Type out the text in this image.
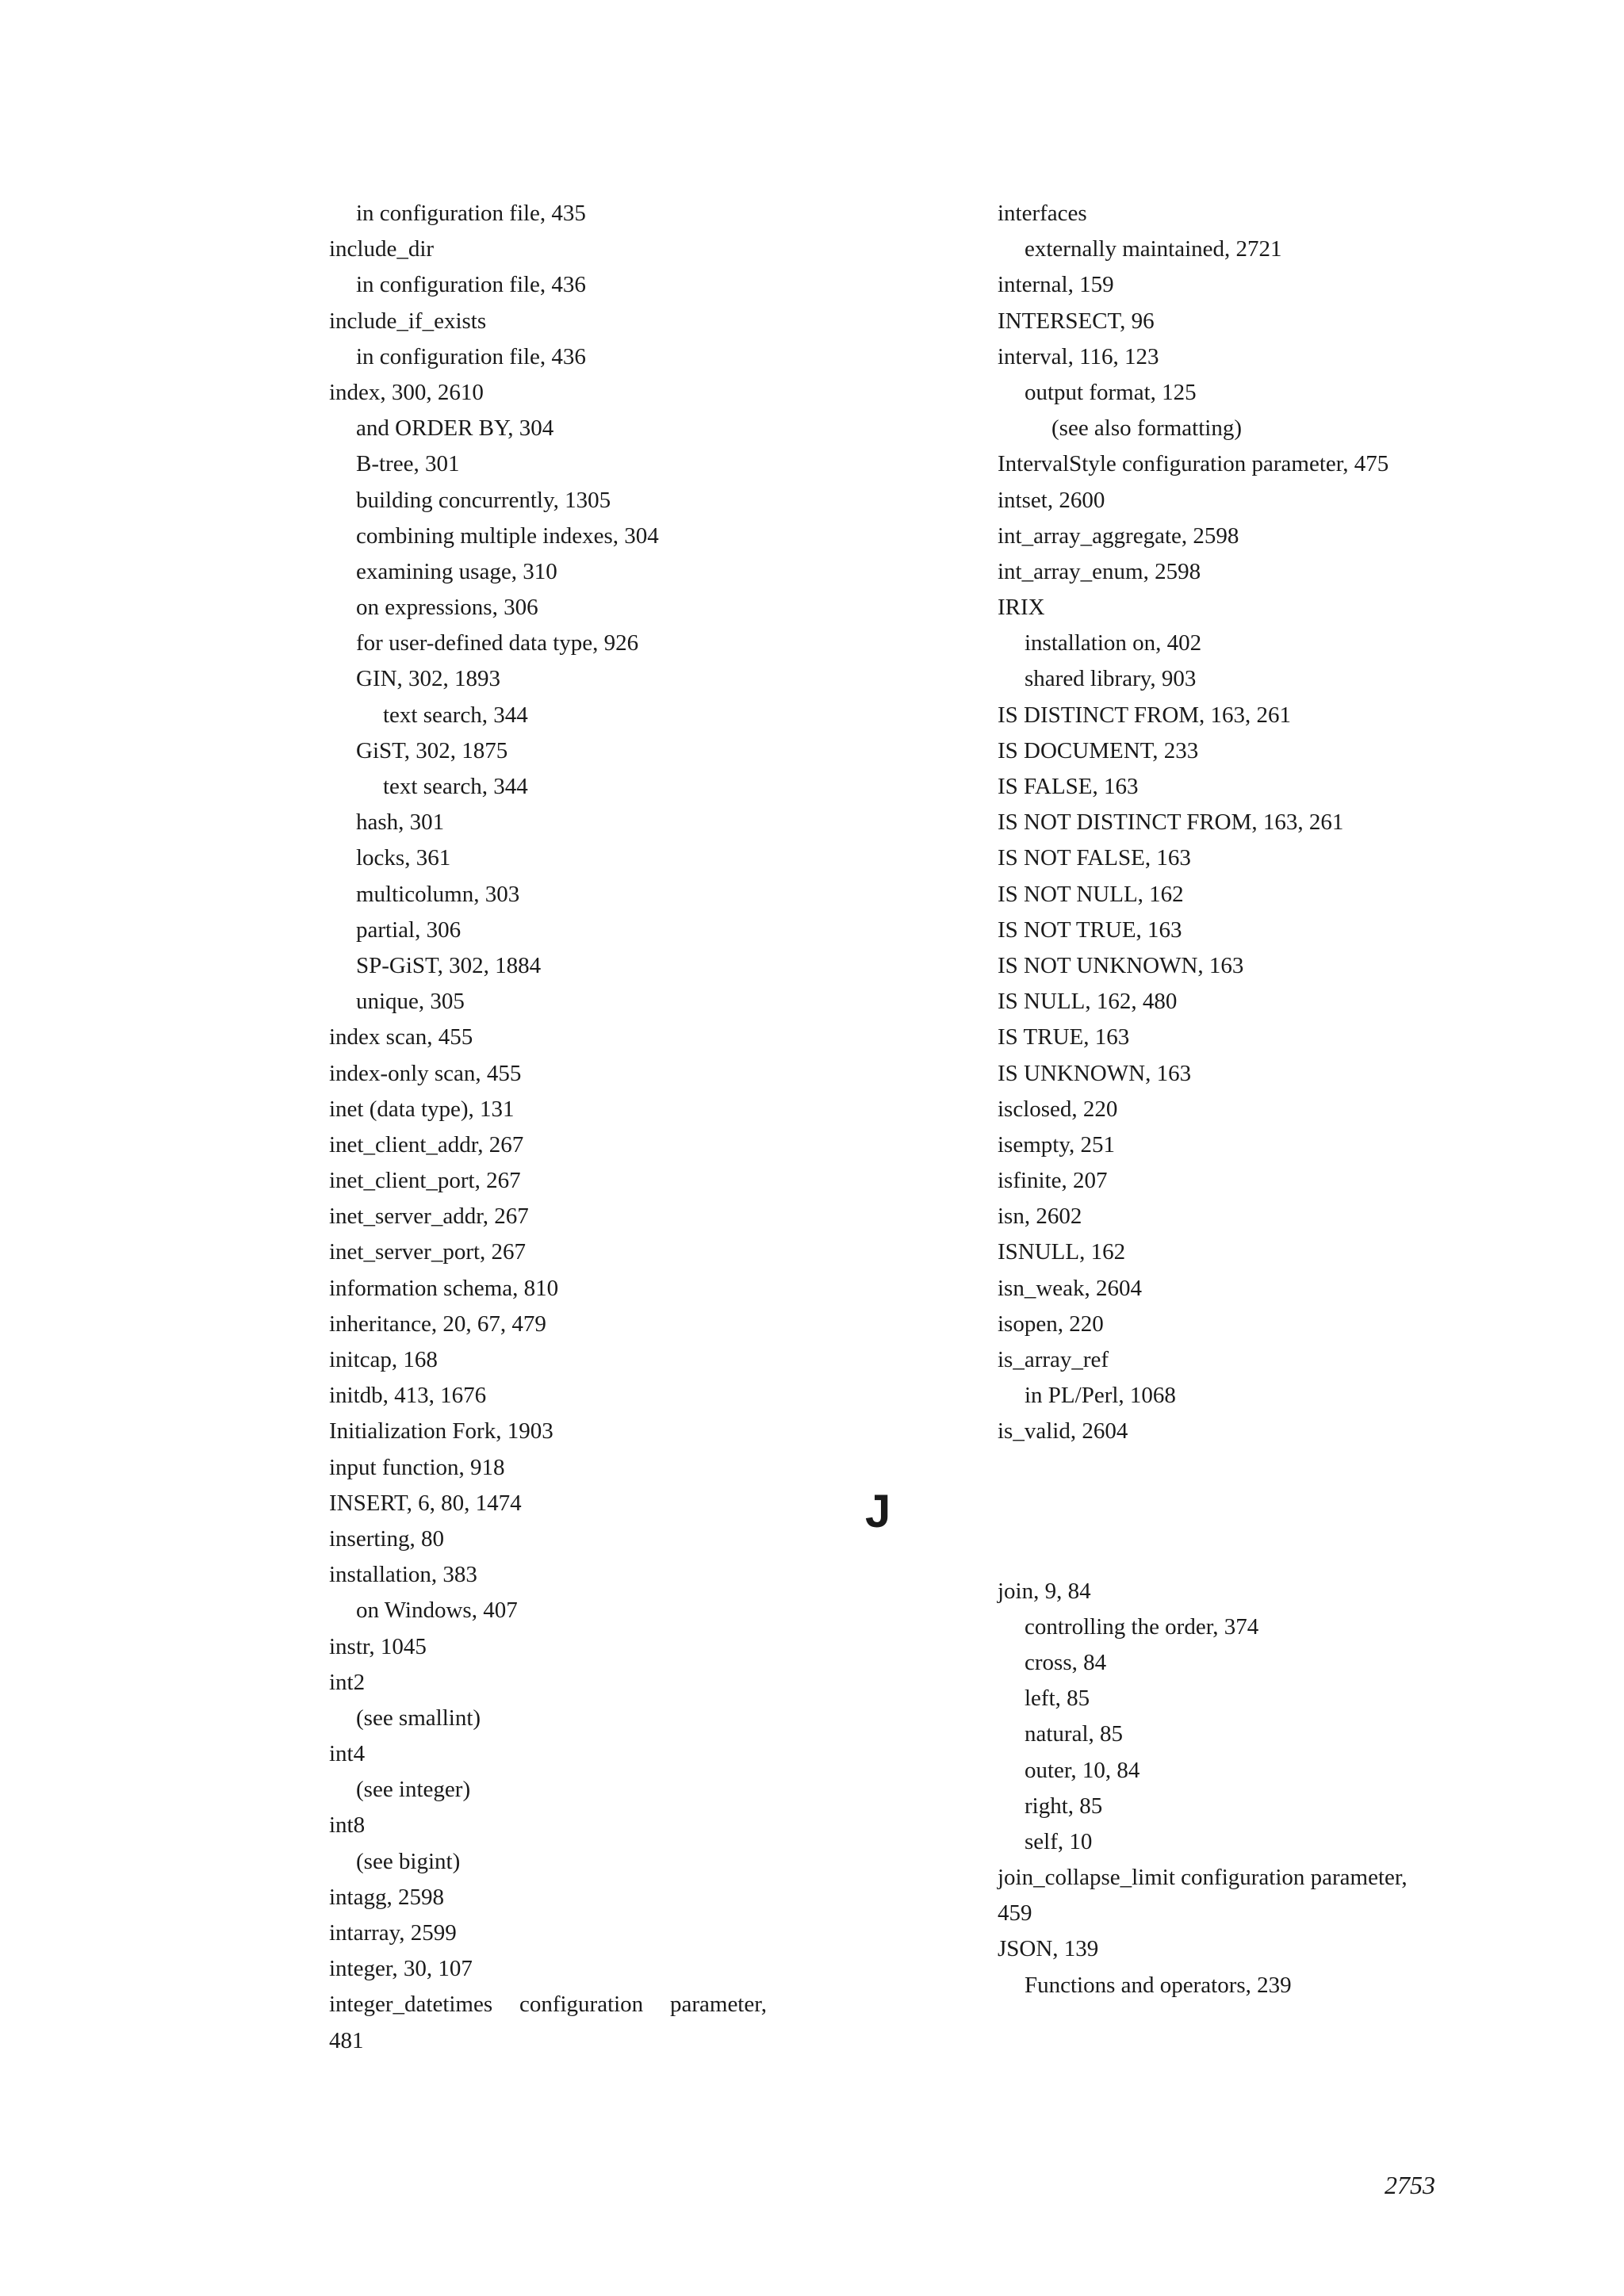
in configuration file, 435
include_dir
in configuration file, 436
include_if_exists
in configuration file, 436
index, 300, 2610
and ORDER BY, 304
B-tree, 301
building concurrently, 1305
combining multiple indexes, 304
examining usage, 310
on expressions, 306
for user-defined data type, 926
GIN, 302, 1893
text search, 344
GiST, 302, 1875
text search, 344
hash, 301
locks, 361
multicolumn, 303
partial, 306
SP-GiST, 302, 1884
unique, 305
index scan, 455
index-only scan, 455
inet (data type), 131
inet_client_addr, 267
inet_client_port, 267
inet_server_addr, 267
inet_server_port, 267
information schema, 810
inheritance, 20, 67, 479
initcap, 168
initdb, 413, 1676
Initialization Fork, 1903
input function, 918
INSERT, 6, 80, 1474
inserting, 80
installation, 383
on Windows, 407
instr, 1045
int2
(see smallint)
int4
(see integer)
int8
(see bigint)
intagg, 2598
intarray, 2599
integer, 30, 107
integer_datetimes configuration parameter,
481
interfaces
externally maintained, 2721
internal, 159
INTERSECT, 96
interval, 116, 123
output format, 125
(see also formatting)
IntervalStyle configuration parameter, 475
intset, 2600
int_array_aggregate, 2598
int_array_enum, 2598
IRIX
installation on, 402
shared library, 903
IS DISTINCT FROM, 163, 261
IS DOCUMENT, 233
IS FALSE, 163
IS NOT DISTINCT FROM, 163, 261
IS NOT FALSE, 163
IS NOT NULL, 162
IS NOT TRUE, 163
IS NOT UNKNOWN, 163
IS NULL, 162, 480
IS TRUE, 163
IS UNKNOWN, 163
isclosed, 220
isempty, 251
isfinite, 207
isn, 2602
ISNULL, 162
isn_weak, 2604
isopen, 220
is_array_ref
in PL/Perl, 1068
is_valid, 2604
J
join, 9, 84
controlling the order, 374
cross, 84
left, 85
natural, 85
outer, 10, 84
right, 85
self, 10
join_collapse_limit configuration parameter,
459
JSON, 139
Functions and operators, 239
2753
